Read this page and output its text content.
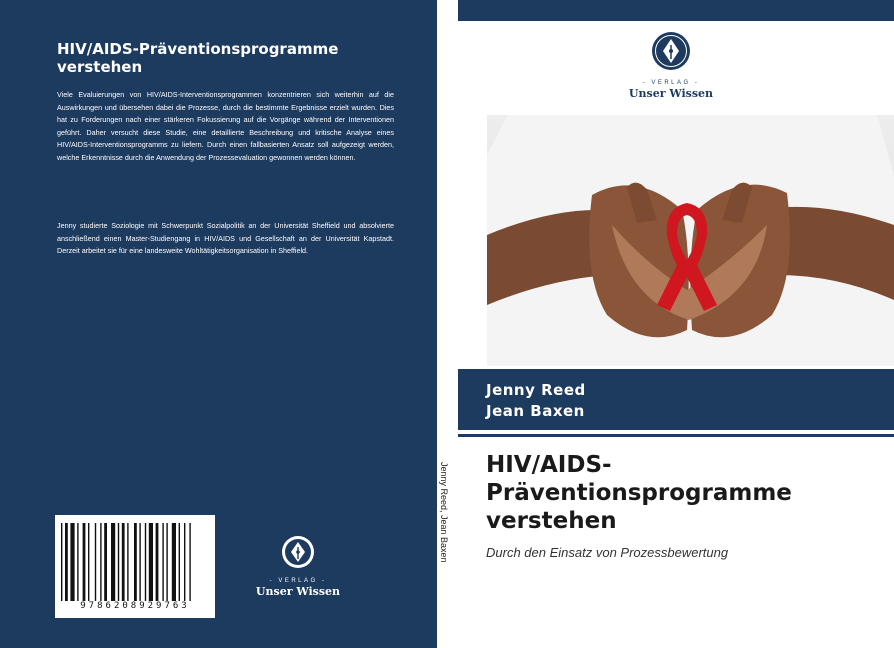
HIV/AIDS-Präventionsprogramme verstehen

Viele Evaluierungen von HIV/AIDS-Interventionsprogrammen konzentrieren sich weiterhin auf die Auswirkungen und übersehen dabei die Prozesse, durch die bestimmte Ergebnisse erzielt wurden. Dies hat zu Forderungen nach einer stärkeren Fokussierung auf die Vorgänge während der Interventionen geführt. Daher versucht diese Studie, eine detaillierte Beschreibung und kritische Analyse eines HIV/AIDS-Interventionsprogramms zu liefern. Durch einen fallbasierten Ansatz soll aufgezeigt werden, welche Erkenntnisse durch die Anwendung der Prozessevaluation gewonnen werden können.

Jenny studierte Soziologie mit Schwerpunkt Sozialpolitik an der Universität Sheffield und absolvierte anschließend einen Master-Studiengang in HIV/AIDS und Gesellschaft an der Universität Kapstadt. Derzeit arbeitet sie für eine landesweite Wohltätigkeitsorganisation in Sheffield.

9786208929763
- VERLAG -
Unser Wissen
Jenny Reed, Jean Baxen
- VERLAG -
Unser Wissen
Jenny Reed
Jean Baxen
HIV/AIDS-Präventionsprogramme verstehen
Durch den Einsatz von Prozessbewertung
